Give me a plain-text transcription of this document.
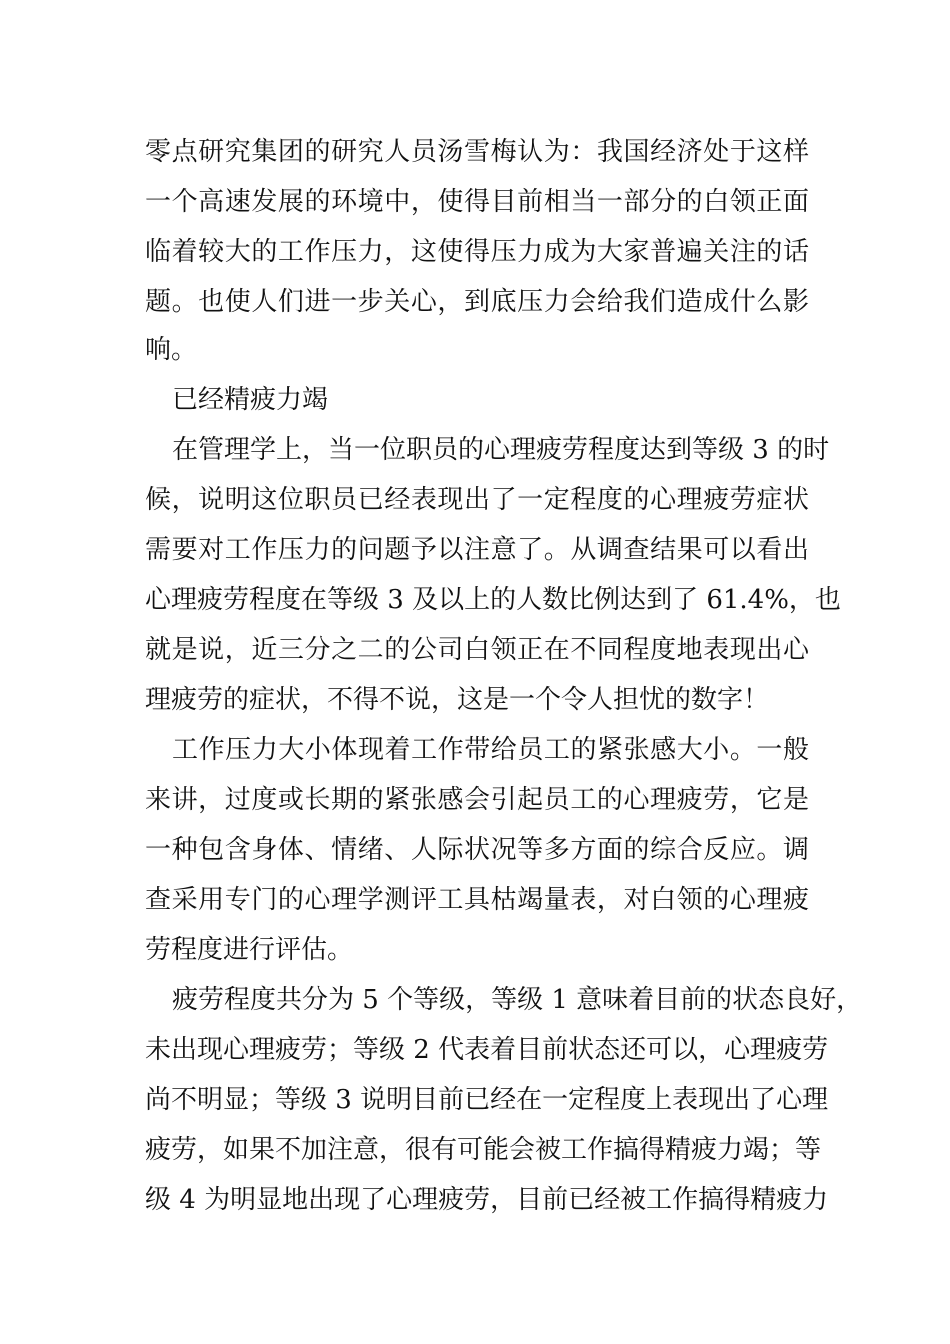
零点研究集团的研究人员汤雪梅认为：我国经济处于这样
一个高速发展的环境中，使得目前相当一部分的白领正面
临着较大的工作压力，这使得压力成为大家普遍关注的话
题。也使人们进一步关心，到底压力会给我们造成什么影
响。
已经精疲力竭
在管理学上，当一位职员的心理疲劳程度达到等级 3 的时
候，说明这位职员已经表现出了一定程度的心理疲劳症状
需要对工作压力的问题予以注意了。从调查结果可以看出
心理疲劳程度在等级 3 及以上的人数比例达到了 61.4%，也
就是说，近三分之二的公司白领正在不同程度地表现出心
理疲劳的症状，不得不说，这是一个令人担忧的数字！
工作压力大小体现着工作带给员工的紧张感大小。一般
来讲，过度或长期的紧张感会引起员工的心理疲劳，它是
一种包含身体、情绪、人际状况等多方面的综合反应。调
查采用专门的心理学测评工具枯竭量表，对白领的心理疲
劳程度进行评估。
疲劳程度共分为 5 个等级，等级 1 意味着目前的状态良好，
未出现心理疲劳；等级 2 代表着目前状态还可以，心理疲劳
尚不明显；等级 3 说明目前已经在一定程度上表现出了心理
疲劳，如果不加注意，很有可能会被工作搞得精疲力竭；等
级 4 为明显地出现了心理疲劳，目前已经被工作搞得精疲力
